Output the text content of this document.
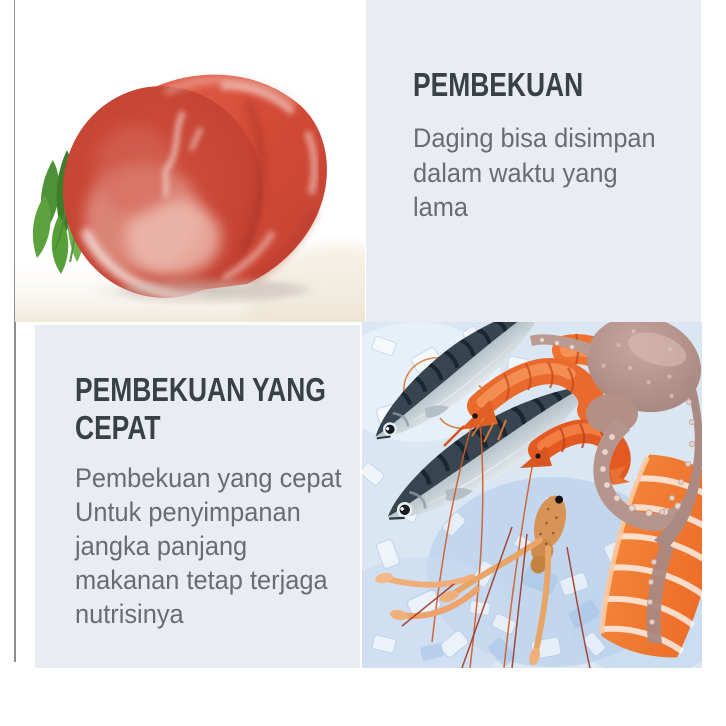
PEMBEKUAN
Daging bisa disimpan
dalam waktu yang
lama
PEMBEKUAN YANG
CEPAT
Pembekuan yang cepat
Untuk penyimpanan
jangka panjang
makanan tetap terjaga
nutrisinya
